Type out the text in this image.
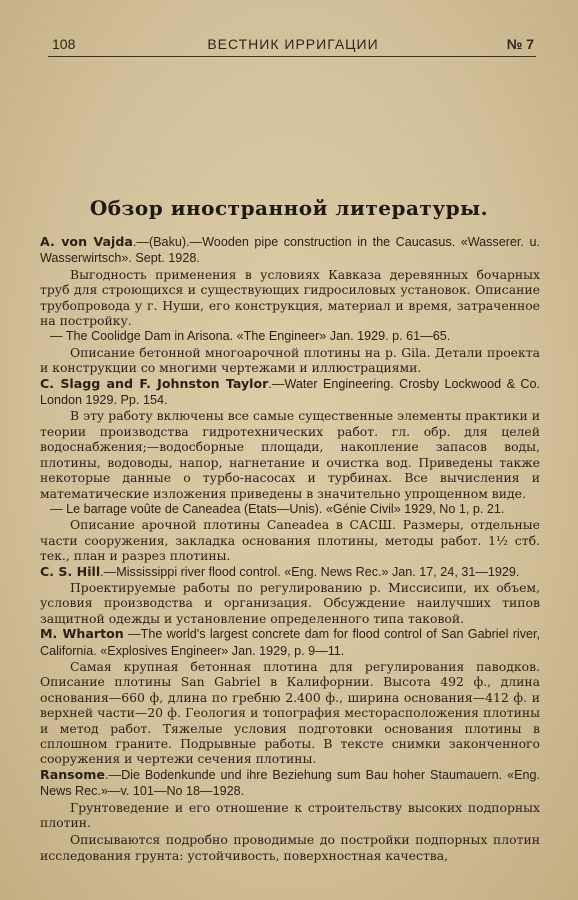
108	ВЕСТНИК ИРРИГАЦИИ	№ 7
Обзор иностранной литературы.

A. von Vajda.—(Baku).—Wooden pipe construction in the Caucasus. «Wasserer. u. Wasserwirtsch». Sept. 1928.

Выгодность применения в условиях Кавказа деревянных бочарных труб для строющихся и существующих гидросиловых установок. Описание трубопровода у г. Нуши, его конструкция, материал и время, затраченное на постройку.

— The Coolidge Dam in Arisona. «The Engineer» Jan. 1929. p. 61—65.

Описание бетонной многоарочной плотины на р. Gila. Детали проекта и конструкции со многими чертежами и иллюстрациями.

C. Slagg and F. Johnston Taylor.—Water Engineering. Crosby Lockwood & Co. London 1929. Pp. 154.

В эту работу включены все самые существенные элементы практики и теории производства гидротехнических работ. гл. обр. для целей водоснабжения;—водосборные площади, накопление запасов воды, плотины, водоводы, напор, нагнетание и очистка вод. Приведены также некоторые данные о турбо-насосах и турбинах. Все вычисления и математические изложения приведены в значительно упрощенном виде.

— Le barrage voûte de Caneadea (Etats—Unis). «Génie Civil» 1929, No 1, p. 21.

Описание арочной плотины Caneadea в САСШ. Размеры, отдельные части сооружения, закладка основания плотины, методы работ. 1½ стб. тек., план и разрез плотины.

C. S. Hill.—Mississippi river flood control. «Eng. News Rec.» Jan. 17, 24, 31—1929.

Проектируемые работы по регулированию р. Миссисипи, их объем, условия производства и организация. Обсуждение наилучших типов защитной одежды и установление определенного типа таковой.

M. Wharton —The world's largest concrete dam for flood control of San Gabriel river, California. «Explosives Engineer» Jan. 1929, p. 9—11.

Самая крупная бетонная плотина для регулирования паводков. Описание плотины San Gabriel в Калифорнии. Высота 492 ф., длина основания—660 ф, длина по гребню 2.400 ф., ширина основания—412 ф. и верхней части—20 ф. Геология и топография месторасположения плотины и метод работ. Тяжелые условия подготовки основания плотины в сплошном граните. Подрывные работы. В тексте снимки законченного сооружения и чертежи сечения плотины.

Ransome.—Die Bodenkunde und ihre Beziehung sum Bau hoher Staumauern. «Eng. News Rec.»—v. 101—No 18—1928.

Грунтоведение и его отношение к строительству высоких подпорных плотин.

Описываются подробно проводимые до постройки подпорных плотин исследования грунта: устойчивость, поверхностная качества,
